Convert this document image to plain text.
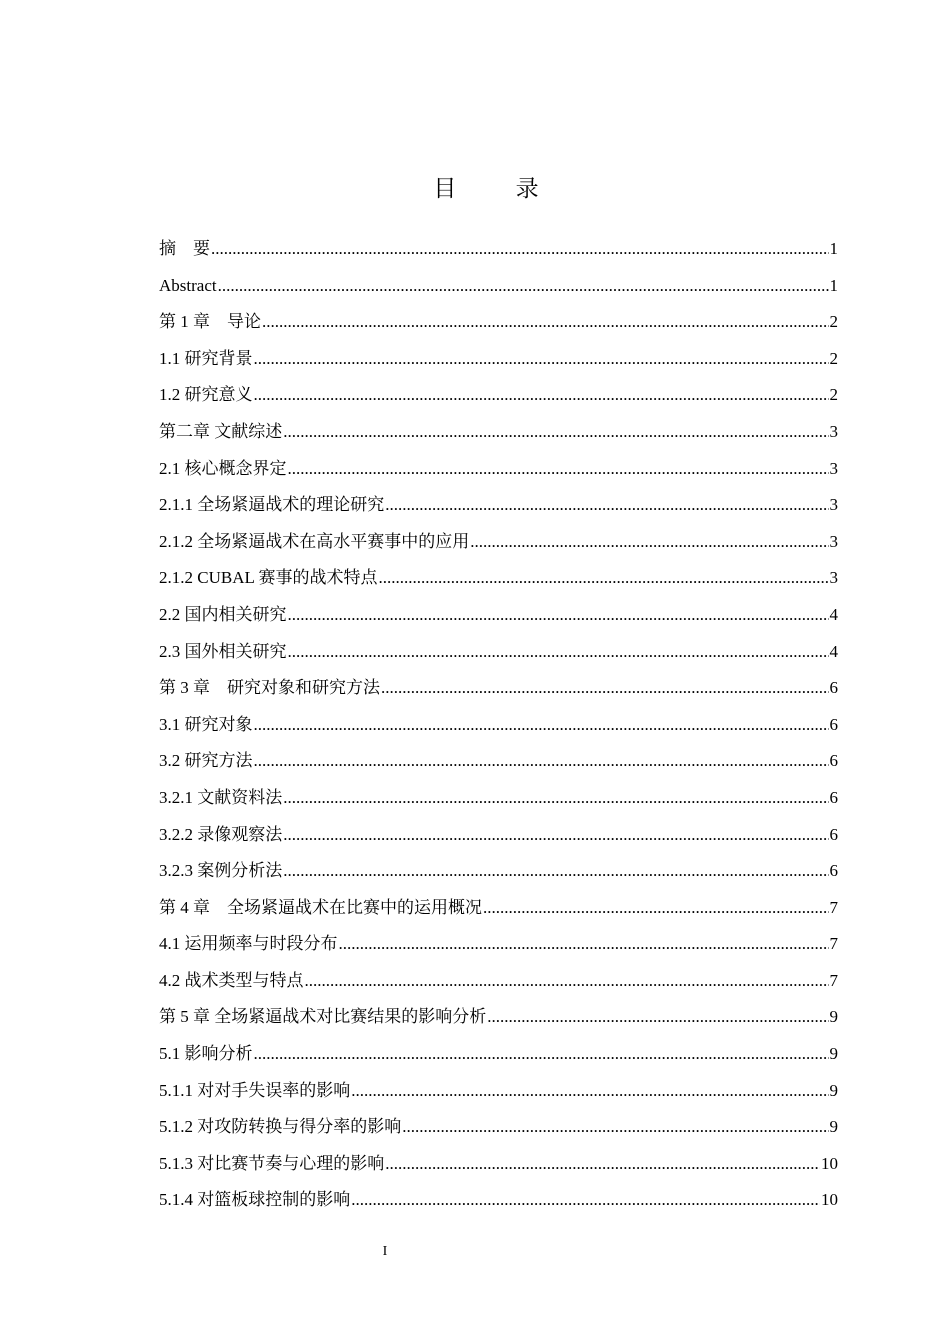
目 录
摘　要 .....	1
Abstract .....	1
第 1 章　导论 .....	2
1.1 研究背景 .....	2
1.2 研究意义 .....	2
第二章 文献综述 .....	3
2.1 核心概念界定 .....	3
2.1.1 全场紧逼战术的理论研究 .....	3
2.1.2 全场紧逼战术在高水平赛事中的应用 .....	3
2.1.2 CUBAL 赛事的战术特点 .....	3
2.2 国内相关研究 .....	4
2.3 国外相关研究 .....	4
第 3 章　研究对象和研究方法 .....	6
3.1 研究对象 .....	6
3.2 研究方法 .....	6
3.2.1 文献资料法 .....	6
3.2.2 录像观察法 .....	6
3.2.3 案例分析法 .....	6
第 4 章　全场紧逼战术在比赛中的运用概况 .....	7
4.1 运用频率与时段分布 .....	7
4.2 战术类型与特点 .....	7
第 5 章 全场紧逼战术对比赛结果的影响分析 .....	9
5.1 影响分析 .....	9
5.1.1 对对手失误率的影响 .....	9
5.1.2 对攻防转换与得分率的影响 .....	9
5.1.3 对比赛节奏与心理的影响 .....	10
5.1.4 对篮板球控制的影响 .....	10
I
